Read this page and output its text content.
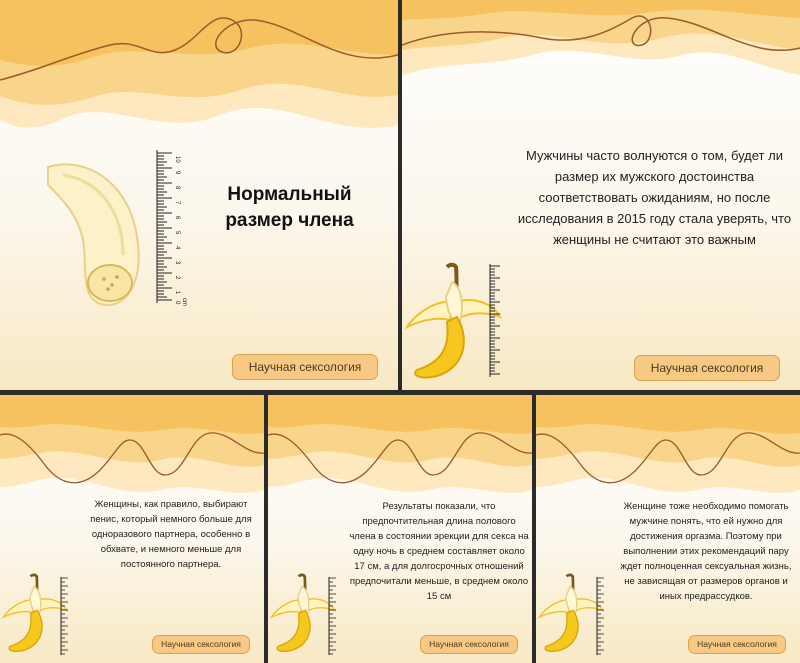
10
9
8
7
6
5
4
3
2
1
0 cm
Нормальный размер члена
Научная сексология
Мужчины часто волнуются о том, будет ли размер их мужского достоинства соответствовать ожиданиям, но после исследования в 2015 году стала уверять, что женщины не считают это важным
Научная сексология
Женщины, как правило, выбирают пенис, который немного больше для одноразового партнера, особенно в обхвате, и немного меньше для постоянного партнера.
Научная сексология
Результаты показали, что предпочтительная длина полового члена в состоянии эрекции для секса на одну ночь в среднем составляет около 17 см, а для долгосрочных отношений предпочитали меньше, в среднем около 15 см
Научная сексология
Женщине тоже необходимо помогать мужчине понять, что ей нужно для достижения оргазма. Поэтому при выполнении этих рекомендаций пару ждет полноценная сексуальная жизнь, не зависящая от размеров органов и иных предрассудков.
Научная сексология
